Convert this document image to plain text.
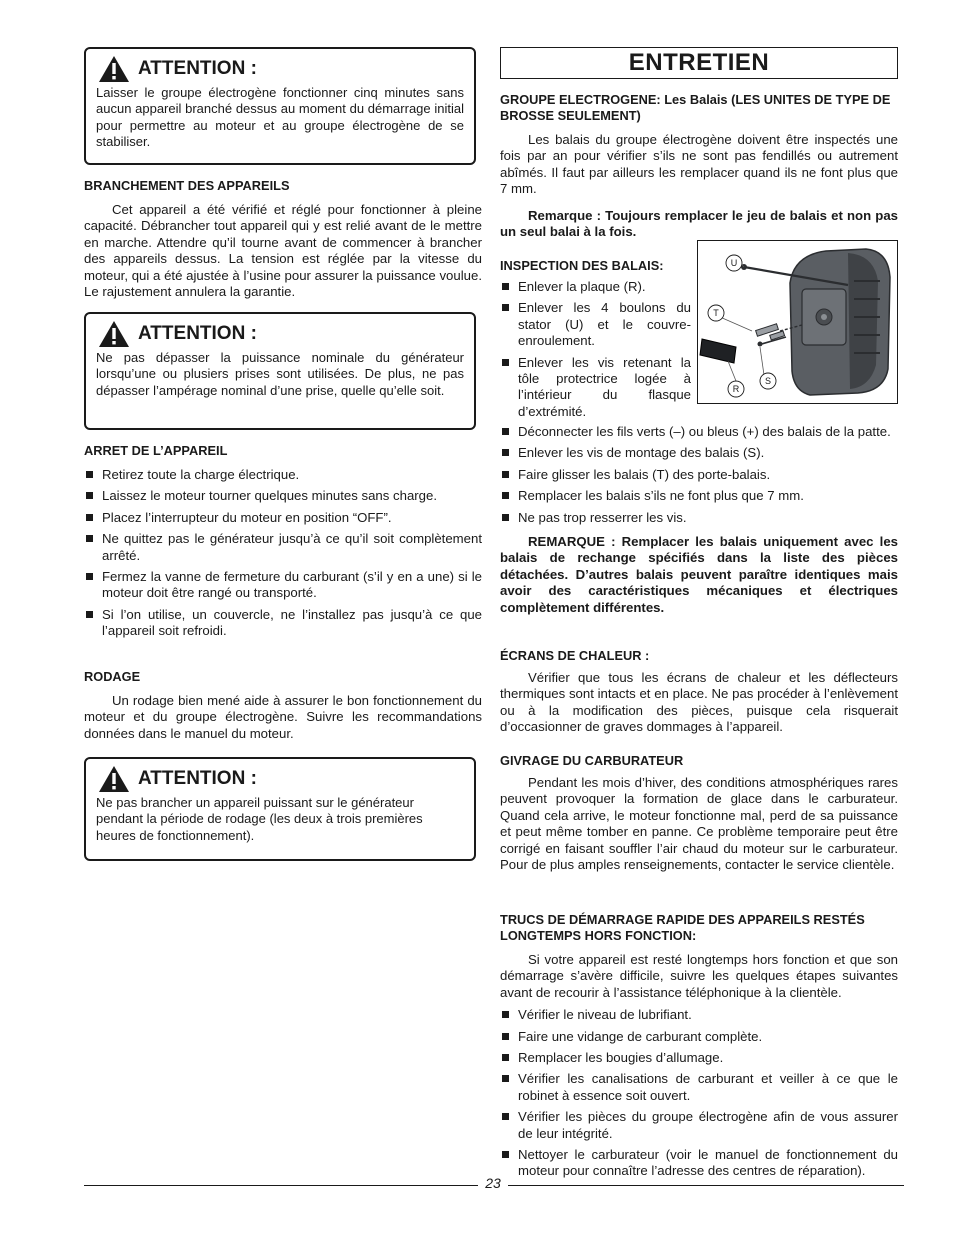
ATTENTION :

Laisser le groupe électrogène fonctionner cinq minutes sans aucun appareil branché dessus au moment du démarrage initial pour permettre au moteur et au groupe électrogène de se stabiliser.

BRANCHEMENT DES APPAREILS

Cet appareil a été vérifié et réglé pour fonctionner à pleine capacité. Débrancher tout appareil qui y est relié avant de le mettre en marche. Attendre qu’il tourne avant de commencer à brancher des appareils dessus. La tension est réglée par la vitesse du moteur, qui a été ajustée à l’usine pour assurer la puissance voulue. Le rajustement annulera la garantie.

ATTENTION :

Ne pas dépasser la puissance nominale du générateur lorsqu’une ou plusiers prises sont utilisées. De plus, ne pas dépasser l’ampérage nominal d’une prise, quelle qu’elle soit.

ARRET DE L’APPAREIL
Retirez toute la charge électrique.
Laissez le moteur tourner quelques minutes sans charge.
Placez l’interrupteur du moteur en position “OFF”.
Ne quittez pas le générateur jusqu’à ce qu’il soit complètement arrêté.
Fermez la vanne de fermeture du carburant (s’il y en a une) si le moteur doit être rangé ou transporté.
Si l’on utilise, un couvercle, ne l’installez pas jusqu’à ce que l’appareil soit refroidi.
RODAGE

Un rodage bien mené aide à assurer le bon fonctionnement du moteur et du groupe électrogène. Suivre les recommandations données dans le manuel du moteur.

ATTENTION :

Ne pas brancher un appareil puissant sur le générateur pendant la période de rodage (les deux à trois premières heures de fonctionnement).

ENTRETIEN
GROUPE ELECTROGENE: Les Balais (LES UNITES DE TYPE DE BROSSE SEULEMENT)

Les balais du groupe électrogène doivent être inspectés une fois par an pour vérifier s’ils ne sont pas fendillés ou autrement abîmés. Il faut par ailleurs les remplacer quand ils ne font plus que 7 mm.

Remarque : Toujours remplacer le jeu de balais et non pas un seul balai à la fois.

INSPECTION DES BALAIS:
Enlever la plaque (R).
Enlever les 4 boulons du stator (U) et le couvre-enroulement.
Enlever les vis retenant la tôle protectrice logée à l’intérieur du flasque d’extrémité.
U
T
R
S
Déconnecter les fils verts (–) ou bleus (+) des balais de la patte.
Enlever les vis de montage des balais (S).
Faire glisser les balais (T) des porte-balais.
Remplacer les balais s’ils ne font plus que 7 mm.
Ne pas trop resserrer les vis.

REMARQUE : Remplacer les balais uniquement avec les balais de rechange spécifiés dans la liste des pièces détachées. D’autres balais peuvent paraître identiques mais avoir des caractéristiques mécaniques et électriques complètement différentes.

ÉCRANS DE CHALEUR :

Vérifier que tous les écrans de chaleur et les déflecteurs thermiques sont intacts et en place. Ne pas procéder à l’enlèvement ou à la modification des pièces, puisque cela risquerait d’occasionner de graves dommages à l’appareil.

GIVRAGE DU CARBURATEUR

Pendant les mois d’hiver, des conditions atmosphériques rares peuvent provoquer la formation de glace dans le carburateur. Quand cela arrive, le moteur fonctionne mal, perd de sa puissance et peut même tomber en panne. Ce problème temporaire peut être corrigé en faisant souffler l’air chaud du moteur sur le carburateur. Pour de plus amples renseignements, contacter le service clientèle.

TRUCS DE DÉMARRAGE RAPIDE DES APPAREILS RESTÉS LONGTEMPS HORS FONCTION:

Si votre appareil est resté longtemps hors fonction et que son démarrage s’avère difficile, suivre les quelques étapes suivantes avant de recourir à l’assistance téléphonique à la clientèle.

Vérifier le niveau de lubrifiant.
Faire une vidange de carburant complète.
Remplacer les bougies d’allumage.
Vérifier les canalisations de carburant et veiller à ce que le robinet à essence soit ouvert.
Vérifier les pièces du groupe électrogène afin de vous assurer de leur intégrité.
Nettoyer le carburateur (voir le manuel de fonctionnement du moteur pour connaître l’adresse des centres de réparation).
23
